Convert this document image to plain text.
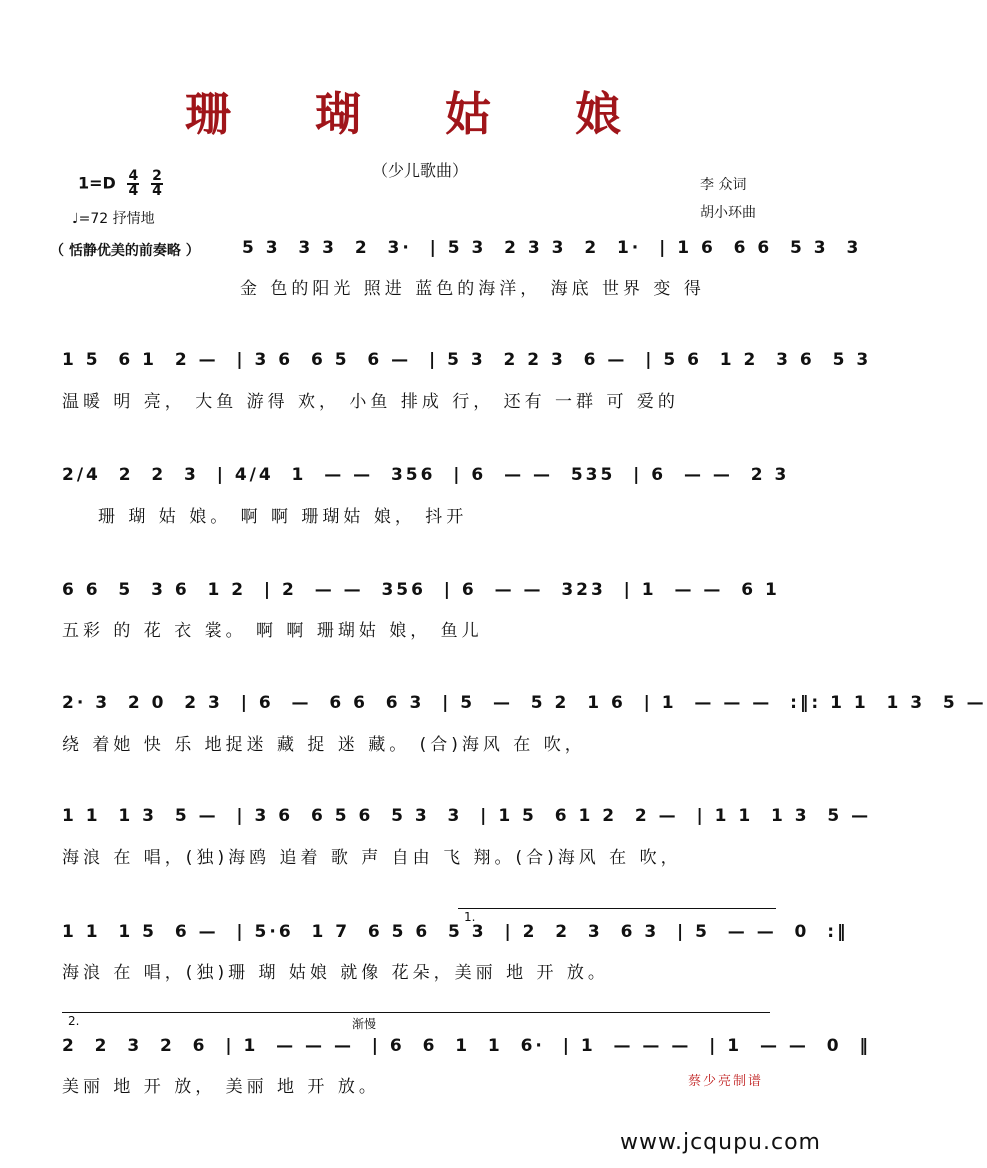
珊 瑚 姑 娘
（少儿歌曲）
$1=D \frac{4}{4}$
$\frac{2}{4}$
♩=72 抒情地
李 众词
胡小环曲
（ 恬静优美的前奏略 ） 5 3  3 3  2  3·  | 5 3  2 3 3  2  1·  | 1 6  6 6  5 3  3
金 色的阳光 照进 蓝色的海洋， 海底 世界 变 得
1 5  6 1  2 —  | 3 6  6 5  6 —  | 5 3  2 2 3  6 —  | 5 6  1 2  3 6  5 3
温暖 明 亮， 大鱼 游得 欢， 小鱼 排成 行， 还有 一群 可 爱的
2/4  2  2  3  | 4/4  1  — —  356  | 6  — —  535  | 6  — —  2 3
珊 瑚 姑 娘。 啊 啊 珊瑚姑 娘， 抖开
6 6  5  3 6  1 2  | 2  — —  356  | 6  — —  323  | 1  — —  6 1
五彩 的 花 衣 裳。 啊 啊 珊瑚姑 娘， 鱼儿
2· 3  2 0  2 3  | 6  —  6 6  6 3  | 5  —  5 2  1 6  | 1  — — —  :‖: 1 1  1 3  5 —
绕 着她 快 乐 地捉迷 藏 捉 迷 藏。 (合)海风 在 吹，
1 1  1 3  5 —  | 3 6  6 5 6  5 3  3  | 1 5  6 1 2  2 —  | 1 1  1 3  5 —
海浪 在 唱，(独)海鸥 追着 歌 声 自由 飞 翔。(合)海风 在 吹，
1.
1 1  1 5  6 —  | 5·6  1 7  6 5 6  5 3  | 2  2  3  6 3  | 5  — —  0  :‖
海浪 在 唱，(独)珊 瑚 姑娘 就像 花朵，美丽 地 开 放。
2.	渐慢
2  2  3  2  6  | 1  — — —  | 6  6  1  1  6·  | 1  — — —  | 1  — —  0  ‖
美丽 地 开 放， 美丽 地 开 放。	蔡少亮制谱
www.jcqupu.com
